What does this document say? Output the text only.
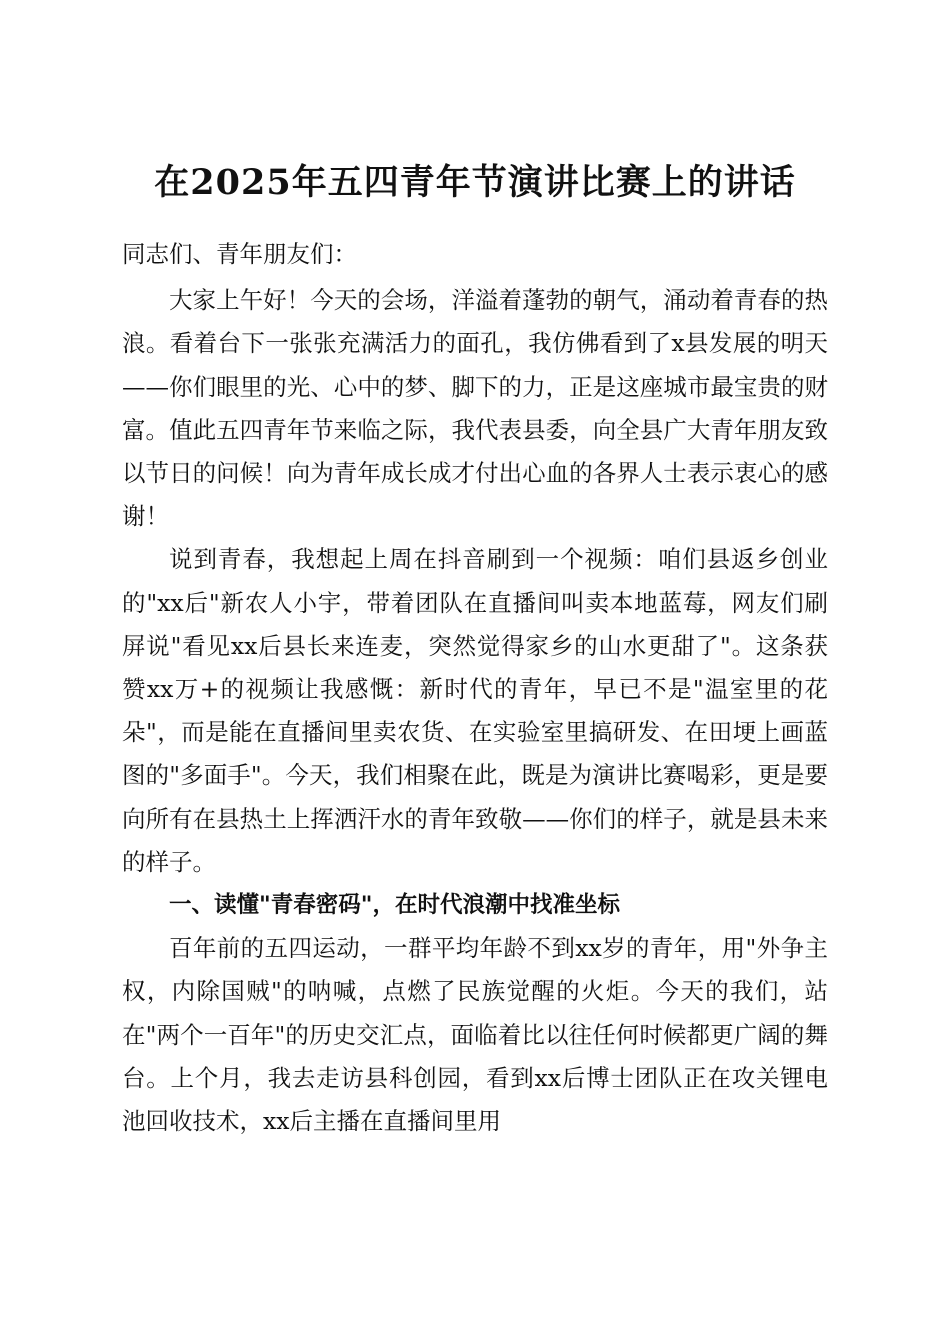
在2025年五四青年节演讲比赛上的讲话

同志们、青年朋友们：

大家上午好！今天的会场，洋溢着蓬勃的朝气，涌动着青春的热浪。看着台下一张张充满活力的面孔，我仿佛看到了x县发展的明天——你们眼里的光、心中的梦、脚下的力，正是这座城市最宝贵的财富。值此五四青年节来临之际，我代表县委，向全县广大青年朋友致以节日的问候！向为青年成长成才付出心血的各界人士表示衷心的感谢！

说到青春，我想起上周在抖音刷到一个视频：咱们县返乡创业的"xx后"新农人小宇，带着团队在直播间叫卖本地蓝莓，网友们刷屏说"看见xx后县长来连麦，突然觉得家乡的山水更甜了"。这条获赞xx万+的视频让我感慨：新时代的青年，早已不是"温室里的花朵"，而是能在直播间里卖农货、在实验室里搞研发、在田埂上画蓝图的"多面手"。今天，我们相聚在此，既是为演讲比赛喝彩，更是要向所有在县热土上挥洒汗水的青年致敬——你们的样子，就是县未来的样子。

一、读懂"青春密码"，在时代浪潮中找准坐标

百年前的五四运动，一群平均年龄不到xx岁的青年，用"外争主权，内除国贼"的呐喊，点燃了民族觉醒的火炬。今天的我们，站在"两个一百年"的历史交汇点，面临着比以往任何时候都更广阔的舞台。上个月，我去走访县科创园，看到xx后博士团队正在攻关锂电池回收技术，xx后主播在直播间里用
